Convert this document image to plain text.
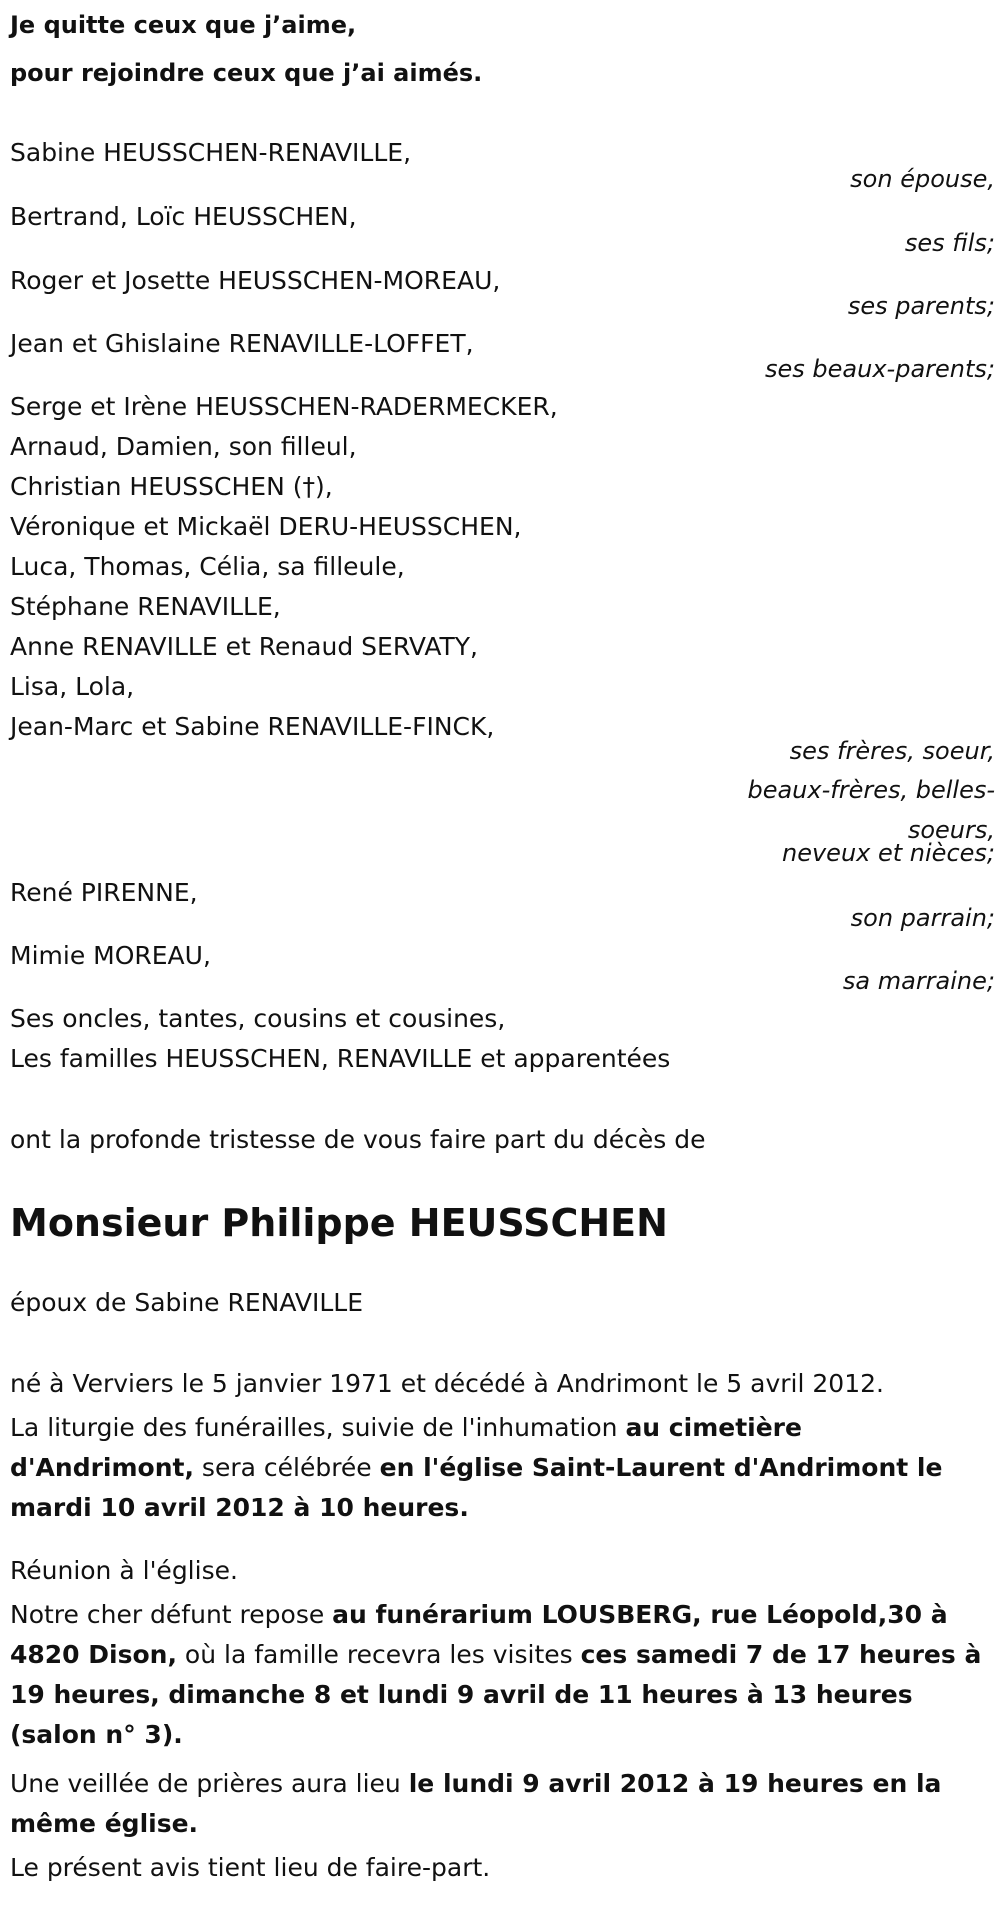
Je quitte ceux que j’aime,
pour rejoindre ceux que j’ai aimés.
Sabine HEUSSCHEN-RENAVILLE,
son épouse,
Bertrand, Loïc HEUSSCHEN,
ses fils;
Roger et Josette HEUSSCHEN-MOREAU,
ses parents;
Jean et Ghislaine RENAVILLE-LOFFET,
ses beaux-parents;
Serge et Irène HEUSSCHEN-RADERMECKER,
Arnaud, Damien, son filleul,
Christian HEUSSCHEN (†),
Véronique et Mickaël DERU-HEUSSCHEN,
Luca, Thomas, Célia, sa filleule,
Stéphane RENAVILLE,
Anne RENAVILLE et Renaud SERVATY,
Lisa, Lola,
Jean-Marc et Sabine RENAVILLE-FINCK,
ses frères, soeur,
beaux-frères, belles-
soeurs,
neveux et nièces;
René PIRENNE,
son parrain;
Mimie MOREAU,
sa marraine;
Ses oncles, tantes, cousins et cousines,
Les familles HEUSSCHEN, RENAVILLE et apparentées
ont la profonde tristesse de vous faire part du décès de
Monsieur Philippe HEUSSCHEN
époux de Sabine RENAVILLE
né à Verviers le 5 janvier 1971 et décédé à Andrimont le 5 avril 2012.
La liturgie des funérailles, suivie de l'inhumation au cimetière d'Andrimont, sera célébrée en l'église Saint-Laurent d'Andrimont le mardi 10 avril 2012 à 10 heures.
Réunion à l'église.
Notre cher défunt repose au funérarium LOUSBERG, rue Léopold,30 à 4820 Dison, où la famille recevra les visites ces samedi 7 de 17 heures à 19 heures, dimanche 8 et lundi 9 avril de 11 heures à 13 heures (salon n° 3).
Une veillée de prières aura lieu le lundi 9 avril 2012 à 19 heures en la même église.
Le présent avis tient lieu de faire-part.
